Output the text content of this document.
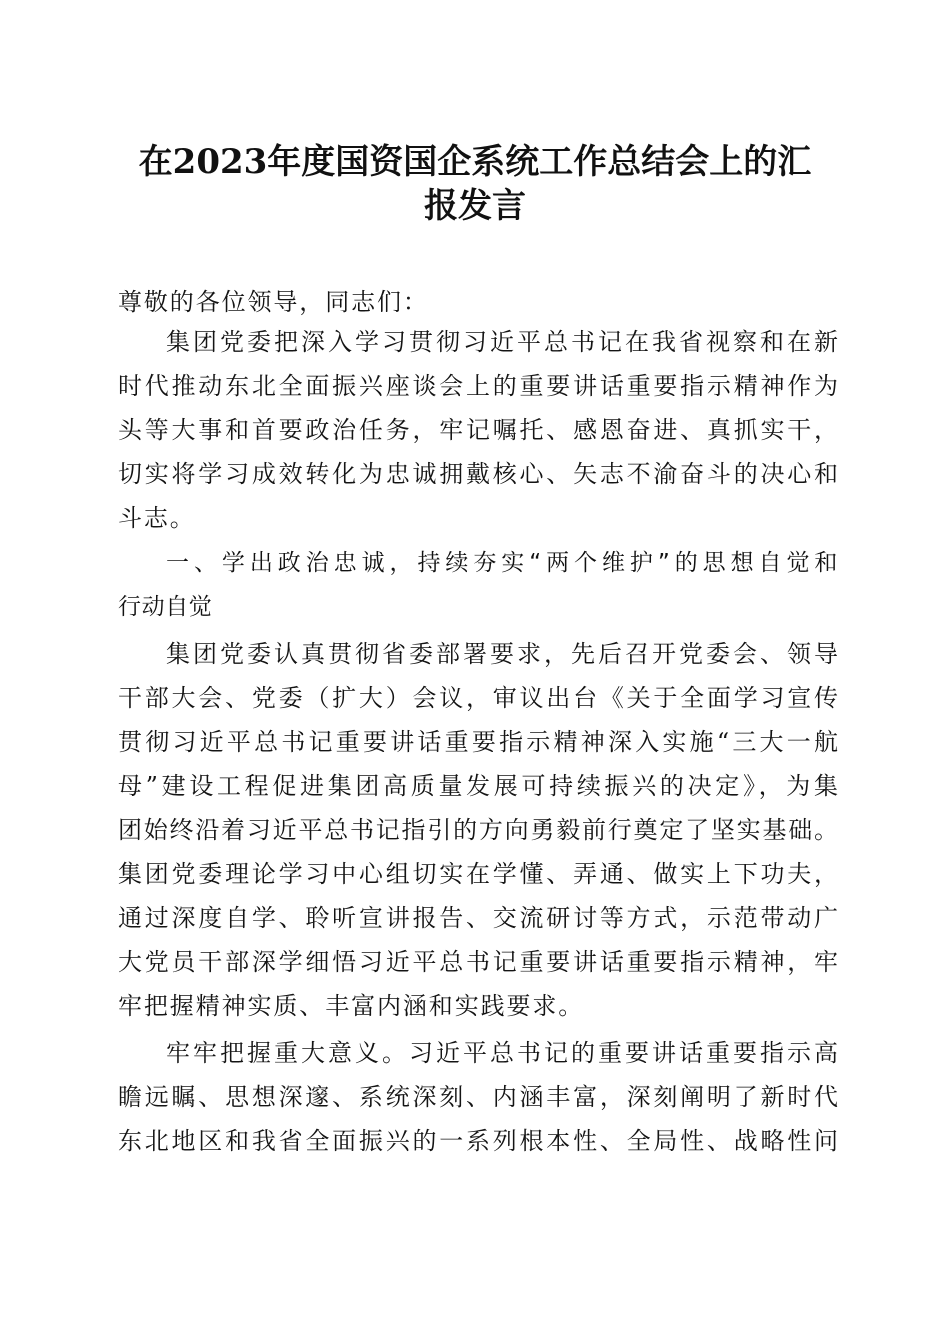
在2023年度国资国企系统工作总结会上的汇
报发言

尊敬的各位领导，同志们：

集团党委把深入学习贯彻习近平总书记在我省视察和在新

时代推动东北全面振兴座谈会上的重要讲话重要指示精神作为

头等大事和首要政治任务，牢记嘱托、感恩奋进、真抓实干，

切实将学习成效转化为忠诚拥戴核心、矢志不渝奋斗的决心和

斗志。

一、学出政治忠诚，持续夯实“两个维护”的思想自觉和

行动自觉

集团党委认真贯彻省委部署要求，先后召开党委会、领导

干部大会、党委（扩大）会议，审议出台《关于全面学习宣传

贯彻习近平总书记重要讲话重要指示精神深入实施“三大一航

母”建设工程促进集团高质量发展可持续振兴的决定》，为集

团始终沿着习近平总书记指引的方向勇毅前行奠定了坚实基础。

集团党委理论学习中心组切实在学懂、弄通、做实上下功夫，

通过深度自学、聆听宣讲报告、交流研讨等方式，示范带动广

大党员干部深学细悟习近平总书记重要讲话重要指示精神，牢

牢把握精神实质、丰富内涵和实践要求。

牢牢把握重大意义。习近平总书记的重要讲话重要指示高

瞻远瞩、思想深邃、系统深刻、内涵丰富，深刻阐明了新时代

东北地区和我省全面振兴的一系列根本性、全局性、战略性问
